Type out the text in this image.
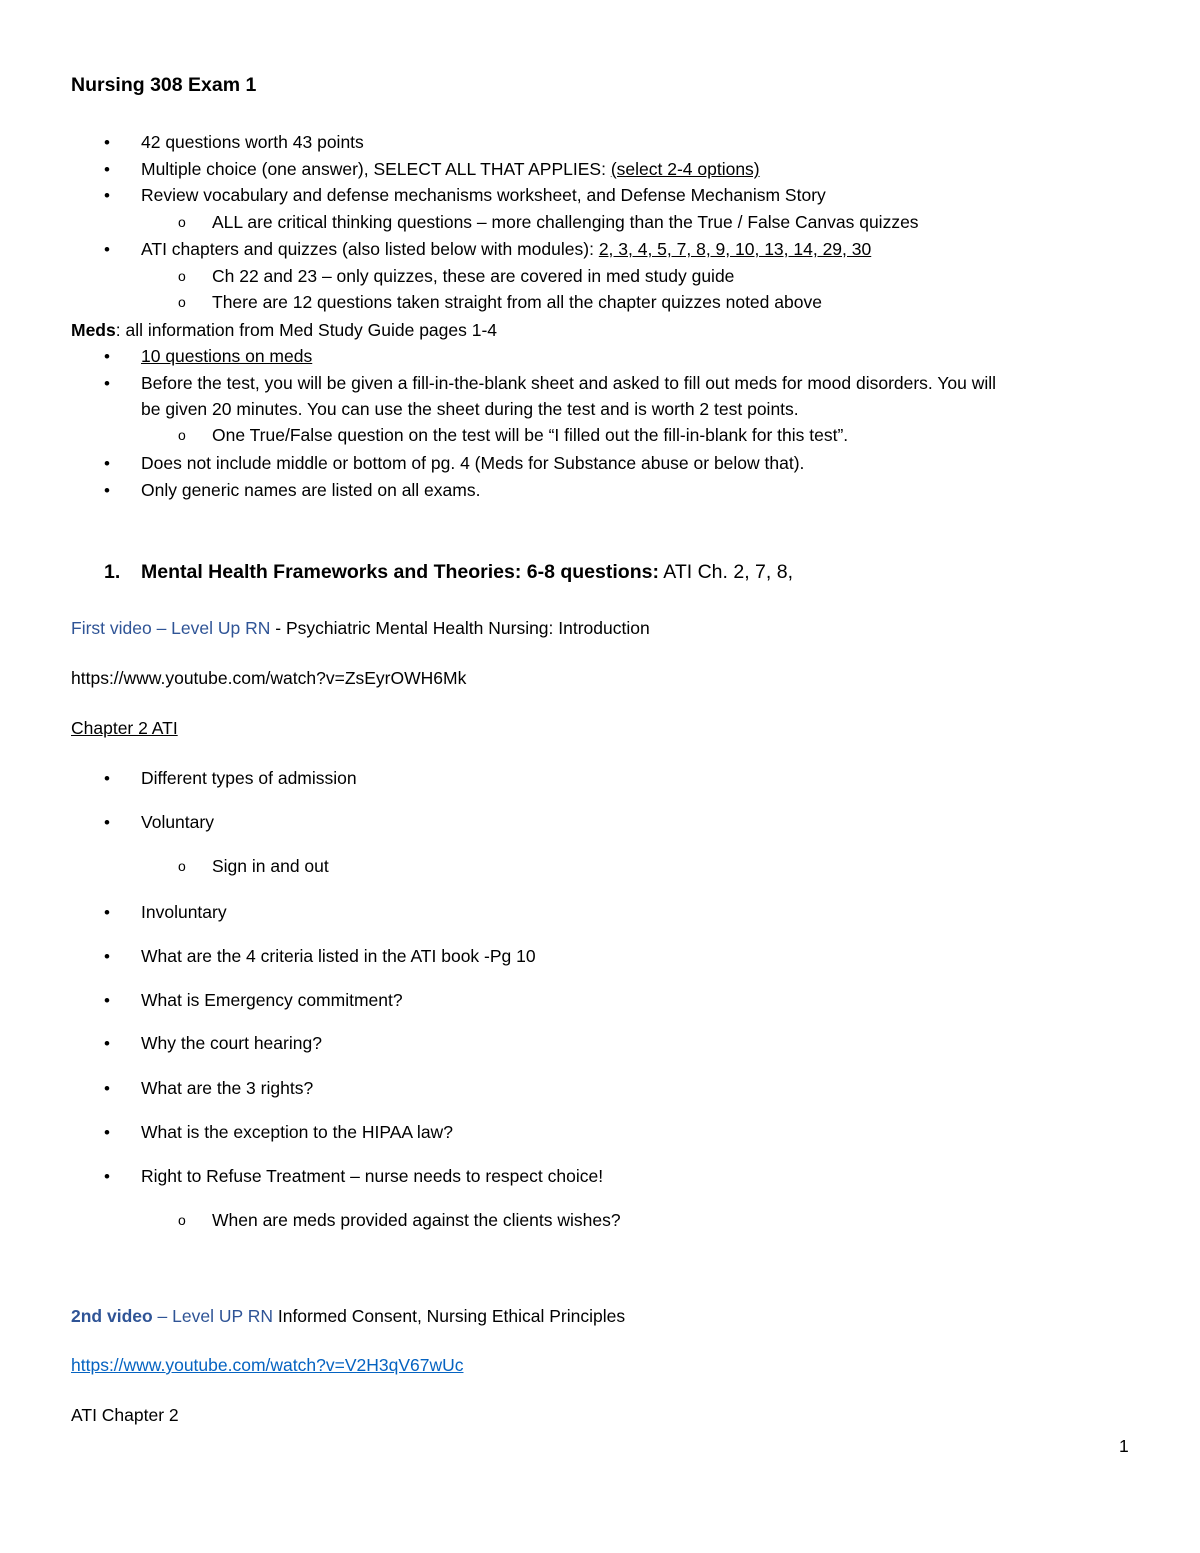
Nursing 308 Exam 1
• 42 questions worth 43 points
• Multiple choice (one answer), SELECT ALL THAT APPLIES: (select 2-4 options)
• Review vocabulary and defense mechanisms worksheet, and Defense Mechanism Story
o ALL are critical thinking questions – more challenging than the True / False Canvas quizzes
• ATI chapters and quizzes (also listed below with modules): 2, 3, 4, 5, 7, 8, 9, 10, 13, 14, 29, 30
o Ch 22 and 23 – only quizzes, these are covered in med study guide
o There are 12 questions taken straight from all the chapter quizzes noted above
Meds: all information from Med Study Guide pages 1-4
• 10 questions on meds
• Before the test, you will be given a fill-in-the-blank sheet and asked to fill out meds for mood disorders. You will
be given 20 minutes. You can use the sheet during the test and is worth 2 test points.
o One True/False question on the test will be “I filled out the fill-in-blank for this test”.
• Does not include middle or bottom of pg. 4 (Meds for Substance abuse or below that).
• Only generic names are listed on all exams.
1. Mental Health Frameworks and Theories: 6-8 questions: ATI Ch. 2, 7, 8,
First video – Level Up RN - Psychiatric Mental Health Nursing: Introduction
https://www.youtube.com/watch?v=ZsEyrOWH6Mk
Chapter 2 ATI
• Different types of admission
• Voluntary
o Sign in and out
• Involuntary
• What are the 4 criteria listed in the ATI book -Pg 10
• What is Emergency commitment?
• Why the court hearing?
• What are the 3 rights?
• What is the exception to the HIPAA law?
• Right to Refuse Treatment – nurse needs to respect choice!
o When are meds provided against the clients wishes?
2nd video – Level UP RN Informed Consent, Nursing Ethical Principles
https://www.youtube.com/watch?v=V2H3qV67wUc
ATI Chapter 2
1
